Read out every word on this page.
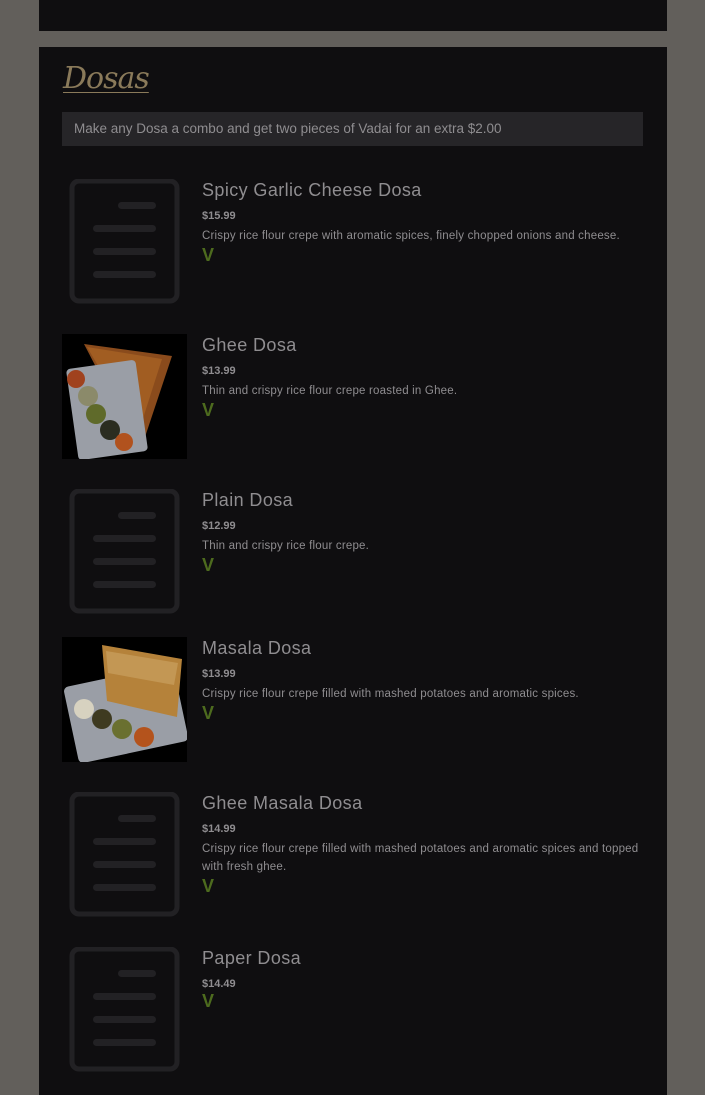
Dosas
Make any Dosa a combo and get two pieces of Vadai for an extra $2.00
Spicy Garlic Cheese Dosa
$15.99
Crispy rice flour crepe with aromatic spices, finely chopped onions and cheese.
V
Ghee Dosa
$13.99
Thin and crispy rice flour crepe roasted in Ghee.
V
Plain Dosa
$12.99
Thin and crispy rice flour crepe.
V
Masala Dosa
$13.99
Crispy rice flour crepe filled with mashed potatoes and aromatic spices.
V
Ghee Masala Dosa
$14.99
Crispy rice flour crepe filled with mashed potatoes and aromatic spices and topped with fresh ghee.
V
Paper Dosa
$14.49
V
